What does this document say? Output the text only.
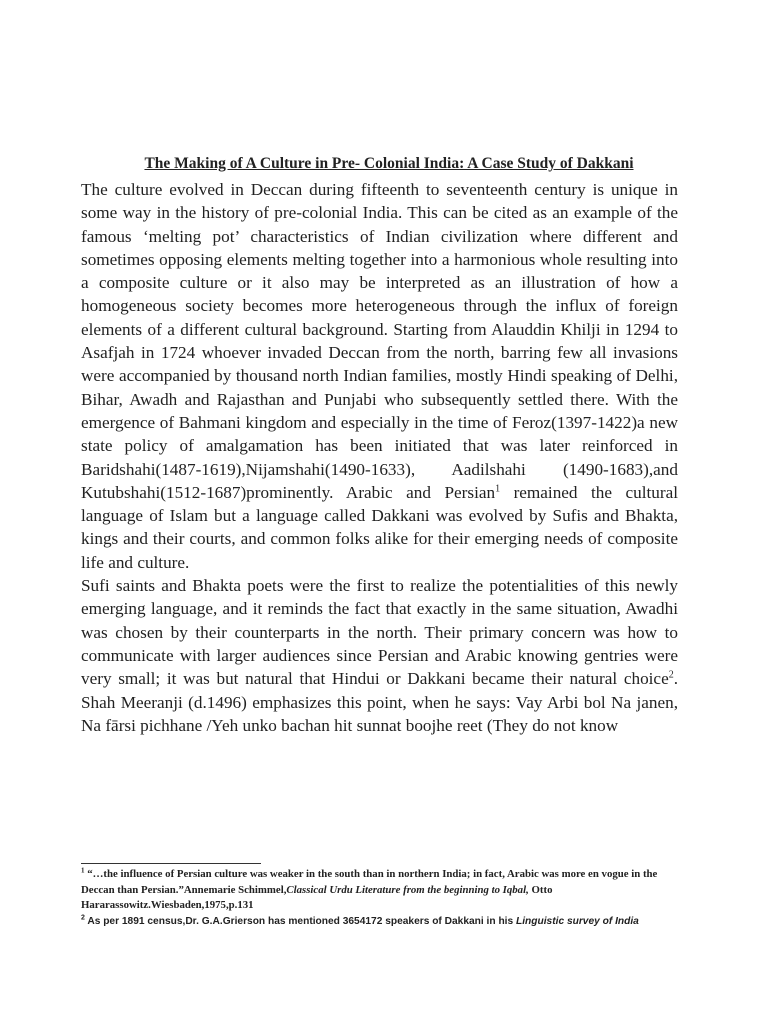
The Making of A Culture in Pre- Colonial India: A Case Study of Dakkani

The culture evolved in Deccan during fifteenth to seventeenth century is unique in some way in the history of pre-colonial India. This can be cited as an example of the famous ‘melting pot’ characteristics of Indian civilization where different and sometimes opposing elements melting together into a harmonious whole resulting into a composite culture or it also may be interpreted as an illustration of how a homogeneous society becomes more heterogeneous through the influx of foreign elements of a different cultural background. Starting from Alauddin Khilji in 1294 to Asafjah in 1724 whoever invaded Deccan from the north, barring few all invasions were accompanied by thousand north Indian families, mostly Hindi speaking of Delhi, Bihar, Awadh and Rajasthan and Punjabi who subsequently settled there. With the emergence of Bahmani kingdom and especially in the time of Feroz(1397-1422)a new state policy of amalgamation has been initiated that was later reinforced in Baridshahi(1487-1619),Nijamshahi(1490-1633), Aadilshahi (1490-1683),and Kutubshahi(1512-1687)prominently. Arabic and Persian$^1$ remained the cultural language of Islam but a language called Dakkani was evolved by Sufis and Bhakta, kings and their courts, and common folks alike for their emerging needs of composite life and culture.

Sufi saints and Bhakta poets were the first to realize the potentialities of this newly emerging language, and it reminds the fact that exactly in the same situation, Awadhi was chosen by their counterparts in the north. Their primary concern was how to communicate with larger audiences since Persian and Arabic knowing gentries were very small; it was but natural that Hindui or Dakkani became their natural choice$^2$. Shah Meeranji (d.1496) emphasizes this point, when he says: Vay Arbi bol Na janen, Na fārsi pichhane /Yeh unko bachan hit sunnat boojhe reet (They do not know

$^1$ “…the influence of Persian culture was weaker in the south than in northern India; in fact, Arabic was more en vogue in the Deccan than Persian.”Annemarie Schimmel,Classical Urdu Literature from the beginning to Iqbal, Otto Hararassowitz.Wiesbaden,1975,p.131

$^2$ As per 1891 census,Dr. G.A.Grierson has mentioned 3654172 speakers of Dakkani in his Linguistic survey of India
